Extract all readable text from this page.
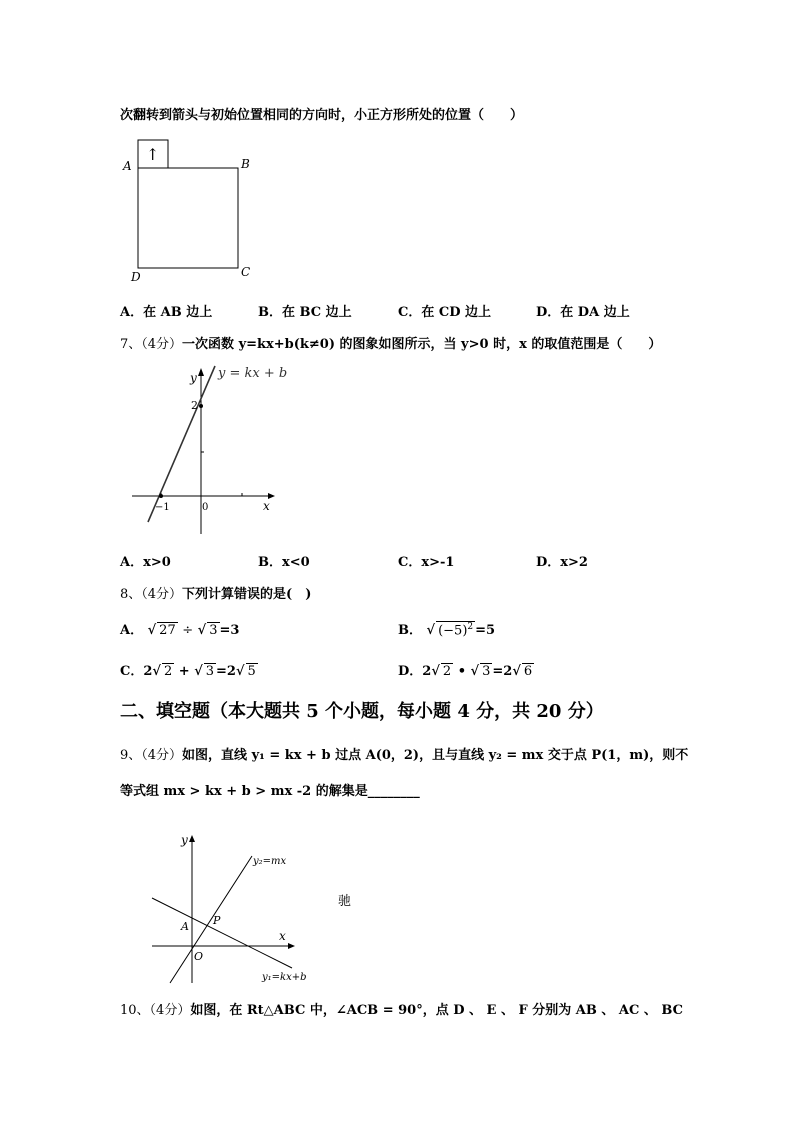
次翻转到箭头与初始位置相同的方向时，小正方形所处的位置（　　）
↑
A	B
C
D
A．在 AB 边上	B．在 BC 边上	C．在 CD 边上	D．在 DA 边上
7、（4分）一次函数 y=kx+b(k≠0) 的图象如图所示，当 y>0 时，x 的取值范围是（　　）
y
x
y = kx + b
2
−1	0
A．x>0	B．x<0	C．x>-1	D．x>2
8、（4分）下列计算错误的是(　)
A． √ 27 ÷ √ 3 =3	B． √ $(-5)^2 =5$
C．2√ 2 + √ 3 =2√ 5	D．2√ 2 • √ 3 =2√ 6
二、填空题（本大题共 5 个小题，每小题 4 分，共 20 分）
9、（4分）如图，直线 y₁ = kx + b 过点 A(0，2)，且与直线 y₂ = mx 交于点 P(1，m)，则不
等式组 mx > kx + b > mx -2 的解集是________
y
x
y₂=mx
y₁=kx+b
P
A
O
驰
10、（4分）如图，在 Rt△ABC 中，∠ACB = 90°，点 D 、 E 、 F 分别为 AB 、 AC 、 BC
